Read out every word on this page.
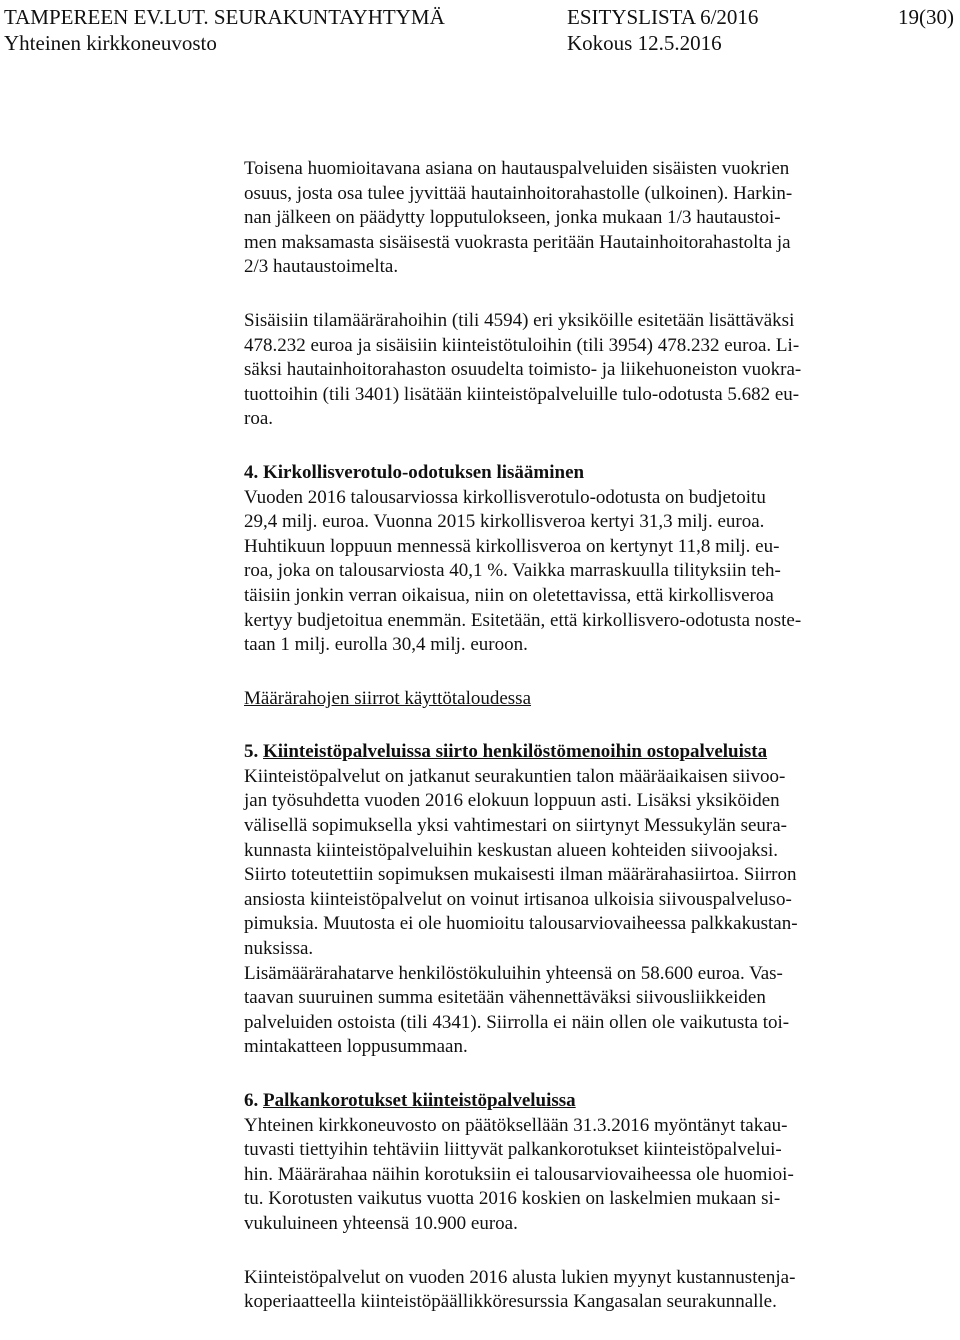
TAMPEREEN EV.LUT. SEURAKUNTAYHTYMÄ	ESITYSLISTA 6/2016	19(30)
Yhteinen kirkkoneuvosto	Kokous 12.5.2016
Toisena huomioitavana asiana on hautauspalveluiden sisäisten vuokrien
osuus, josta osa tulee jyvittää hautainhoitorahastolle (ulkoinen). Harkin-
nan jälkeen on päädytty lopputulokseen, jonka mukaan 1/3 hautaustoi-
men maksamasta sisäisestä vuokrasta peritään Hautainhoitorahastolta ja
2/3 hautaustoimelta.
Sisäisiin tilamäärärahoihin (tili 4594) eri yksiköille esitetään lisättäväksi
478.232 euroa ja sisäisiin kiinteistötuloihin (tili 3954) 478.232 euroa. Li-
säksi hautainhoitorahaston osuudelta toimisto- ja liikehuoneiston vuokra-
tuottoihin (tili 3401) lisätään kiinteistöpalveluille tulo-odotusta 5.682 eu-
roa.
4. Kirkollisverotulo-odotuksen lisääminen
Vuoden 2016 talousarviossa kirkollisverotulo-odotusta on budjetoitu
29,4 milj. euroa. Vuonna 2015 kirkollisveroa kertyi 31,3 milj. euroa.
Huhtikuun loppuun mennessä kirkollisveroa on kertynyt 11,8 milj. eu-
roa, joka on talousarviosta 40,1 %. Vaikka marraskuulla tilityksiin teh-
täisiin jonkin verran oikaisua, niin on oletettavissa, että kirkollisveroa
kertyy budjetoitua enemmän. Esitetään, että kirkollisvero-odotusta noste-
taan 1 milj. eurolla 30,4 milj. euroon.
Määrärahojen siirrot käyttötaloudessa
5. Kiinteistöpalveluissa siirto henkilöstömenoihin ostopalveluista
Kiinteistöpalvelut on jatkanut seurakuntien talon määräaikaisen siivoo-
jan työsuhdetta vuoden 2016 elokuun loppuun asti. Lisäksi yksiköiden
välisellä sopimuksella yksi vahtimestari on siirtynyt Messukylän seura-
kunnasta kiinteistöpalveluihin keskustan alueen kohteiden siivoojaksi.
Siirto toteutettiin sopimuksen mukaisesti ilman määrärahasiirtoa. Siirron
ansiosta kiinteistöpalvelut on voinut irtisanoa ulkoisia siivouspalveluso-
pimuksia. Muutosta ei ole huomioitu talousarviovaiheessa palkkakustan-
nuksissa.
Lisämäärärahatarve henkilöstökuluihin yhteensä on 58.600 euroa. Vas-
taavan suuruinen summa esitetään vähennettäväksi siivousliikkeiden
palveluiden ostoista (tili 4341). Siirrolla ei näin ollen ole vaikutusta toi-
mintakatteen loppusummaan.
6. Palkankorotukset kiinteistöpalveluissa
Yhteinen kirkkoneuvosto on päätöksellään 31.3.2016 myöntänyt takau-
tuvasti tiettyihin tehtäviin liittyvät palkankorotukset kiinteistöpalvelui-
hin. Määrärahaa näihin korotuksiin ei talousarviovaiheessa ole huomioi-
tu. Korotusten vaikutus vuotta 2016 koskien on laskelmien mukaan si-
vukuluineen yhteensä 10.900 euroa.
Kiinteistöpalvelut on vuoden 2016 alusta lukien myynyt kustannustenja-
koperiaatteella kiinteistöpäällikköresurssia Kangasalan seurakunnalle.
